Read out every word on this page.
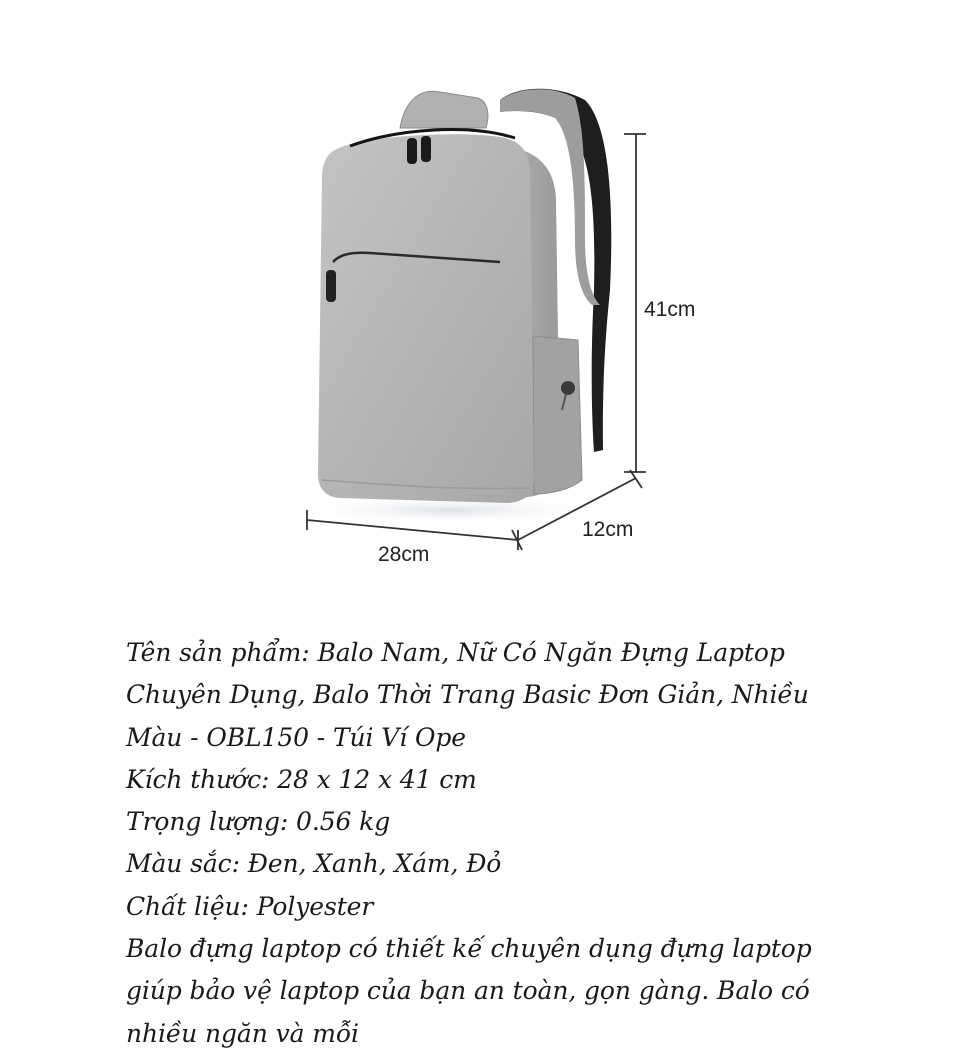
41cm
12cm
28cm

Tên sản phẩm: Balo Nam, Nữ Có Ngăn Đựng Laptop Chuyên Dụng, Balo Thời Trang Basic Đơn Giản, Nhiều Màu - OBL150 - Túi Ví Ope

Kích thước: 28 x 12 x 41 cm

Trọng lượng: 0.56 kg

Màu sắc: Đen, Xanh, Xám, Đỏ

Chất liệu: Polyester

Balo đựng laptop có thiết kế chuyên dụng đựng laptop giúp bảo vệ laptop của bạn an toàn, gọn gàng. Balo có nhiều ngăn và mỗi
